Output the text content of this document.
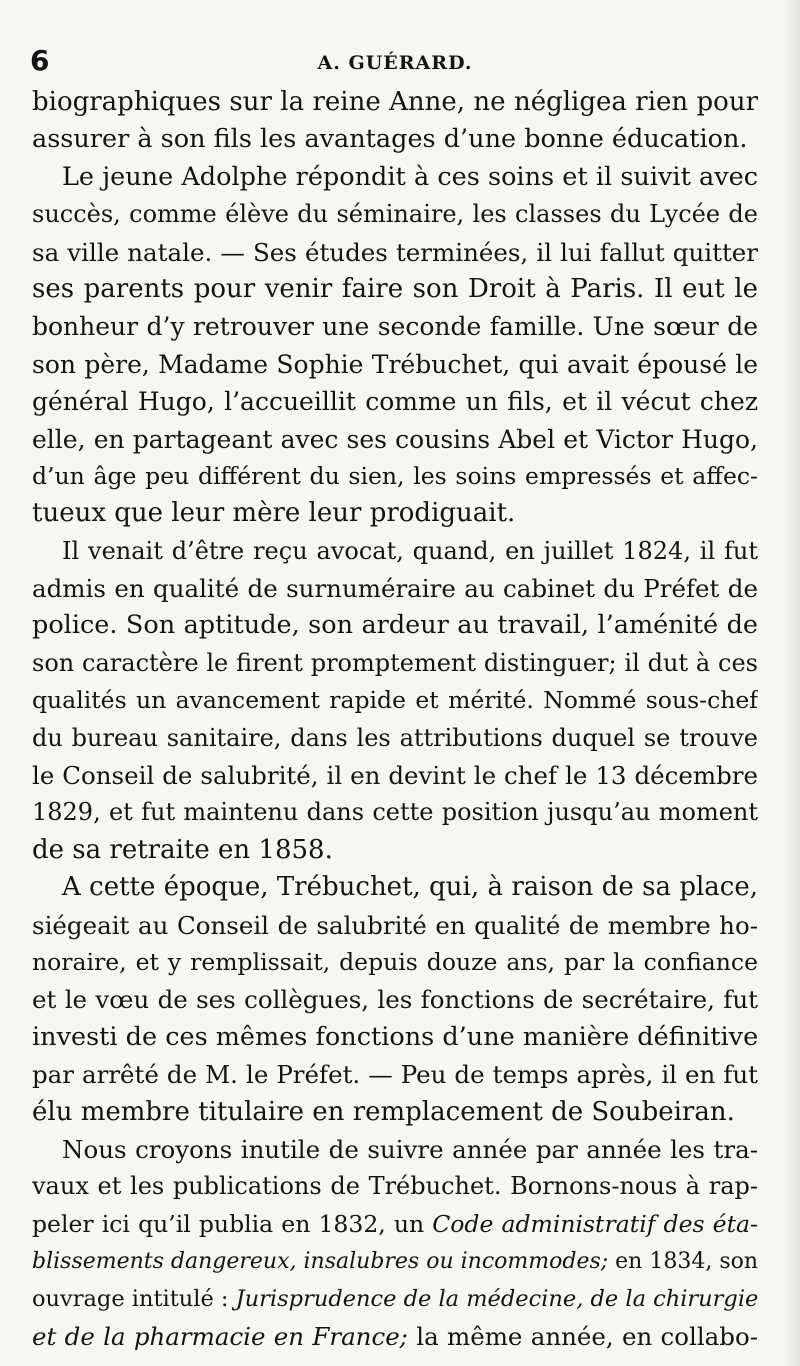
6	A. GUÉRARD.
biographiques sur la reine Anne, ne négligea rien pour
assurer à son fils les avantages d’une bonne éducation.
Le jeune Adolphe répondit à ces soins et il suivit avec
succès, comme élève du séminaire, les classes du Lycée de
sa ville natale. — Ses études terminées, il lui fallut quitter
ses parents pour venir faire son Droit à Paris. Il eut le
bonheur d’y retrouver une seconde famille. Une sœur de
son père, Madame Sophie Trébuchet, qui avait épousé le
général Hugo, l’accueillit comme un fils, et il vécut chez
elle, en partageant avec ses cousins Abel et Victor Hugo,
d’un âge peu différent du sien, les soins empressés et affec-
tueux que leur mère leur prodiguait.
Il venait d’être reçu avocat, quand, en juillet 1824, il fut
admis en qualité de surnuméraire au cabinet du Préfet de
police. Son aptitude, son ardeur au travail, l’aménité de
son caractère le firent promptement distinguer; il dut à ces
qualités un avancement rapide et mérité. Nommé sous-chef
du bureau sanitaire, dans les attributions duquel se trouve
le Conseil de salubrité, il en devint le chef le 13 décembre
1829, et fut maintenu dans cette position jusqu’au moment
de sa retraite en 1858.
A cette époque, Trébuchet, qui, à raison de sa place,
siégeait au Conseil de salubrité en qualité de membre ho-
noraire, et y remplissait, depuis douze ans, par la confiance
et le vœu de ses collègues, les fonctions de secrétaire, fut
investi de ces mêmes fonctions d’une manière définitive
par arrêté de M. le Préfet. — Peu de temps après, il en fut
élu membre titulaire en remplacement de Soubeiran.
Nous croyons inutile de suivre année par année les tra-
vaux et les publications de Trébuchet. Bornons-nous à rap-
peler ici qu’il publia en 1832, un Code administratif des éta-
blissements dangereux, insalubres ou incommodes; en 1834, son
ouvrage intitulé : Jurisprudence de la médecine, de la chirurgie
et de la pharmacie en France; la même année, en collabo-
